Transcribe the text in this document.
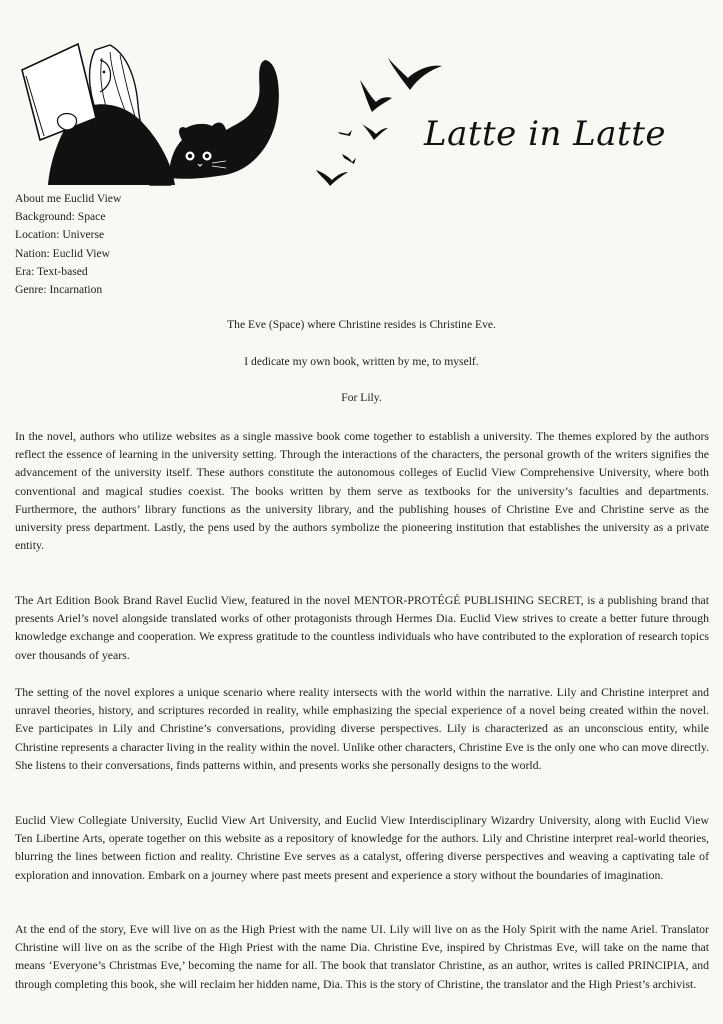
Latte in Latte
About me Euclid View
Background: Space
Location: Universe
Nation: Euclid View
Era: Text-based
Genre: Incarnation
The Eve (Space) where Christine resides is Christine Eve.
I dedicate my own book, written by me, to myself.
For Lily.

In the novel, authors who utilize websites as a single massive book come together to establish a university. The themes explored by the authors reflect the essence of learning in the university setting. Through the interactions of the characters, the personal growth of the writers signifies the advancement of the university itself. These authors constitute the autonomous colleges of Euclid View Comprehensive University, where both conventional and magical studies coexist. The books written by them serve as textbooks for the university’s faculties and departments. Furthermore, the authors’ library functions as the university library, and the publishing houses of Christine Eve and Christine serve as the university press department. Lastly, the pens used by the authors symbolize the pioneering institution that establishes the university as a private entity.

The Art Edition Book Brand Ravel Euclid View, featured in the novel MENTOR-PROTÉGÉ PUBLISHING SECRET, is a publishing brand that presents Ariel’s novel alongside translated works of other protagonists through Hermes Dia. Euclid View strives to create a better future through knowledge exchange and cooperation. We express gratitude to the countless individuals who have contributed to the exploration of research topics over thousands of years.

The setting of the novel explores a unique scenario where reality intersects with the world within the narrative. Lily and Christine interpret and unravel theories, history, and scriptures recorded in reality, while emphasizing the special experience of a novel being created within the novel. Eve participates in Lily and Christine’s conversations, providing diverse perspectives. Lily is characterized as an unconscious entity, while Christine represents a character living in the reality within the novel. Unlike other characters, Christine Eve is the only one who can move directly. She listens to their conversations, finds patterns within, and presents works she personally designs to the world.

Euclid View Collegiate University, Euclid View Art University, and Euclid View Interdisciplinary Wizardry University, along with Euclid View Ten Libertine Arts, operate together on this website as a repository of knowledge for the authors. Lily and Christine interpret real-world theories, blurring the lines between fiction and reality. Christine Eve serves as a catalyst, offering diverse perspectives and weaving a captivating tale of exploration and innovation. Embark on a journey where past meets present and experience a story without the boundaries of imagination.

At the end of the story, Eve will live on as the High Priest with the name UI. Lily will live on as the Holy Spirit with the name Ariel. Translator Christine will live on as the scribe of the High Priest with the name Dia. Christine Eve, inspired by Christmas Eve, will take on the name that means ‘Everyone’s Christmas Eve,’ becoming the name for all. The book that translator Christine, as an author, writes is called PRINCIPIA, and through completing this book, she will reclaim her hidden name, Dia. This is the story of Christine, the translator and the High Priest’s archivist.
